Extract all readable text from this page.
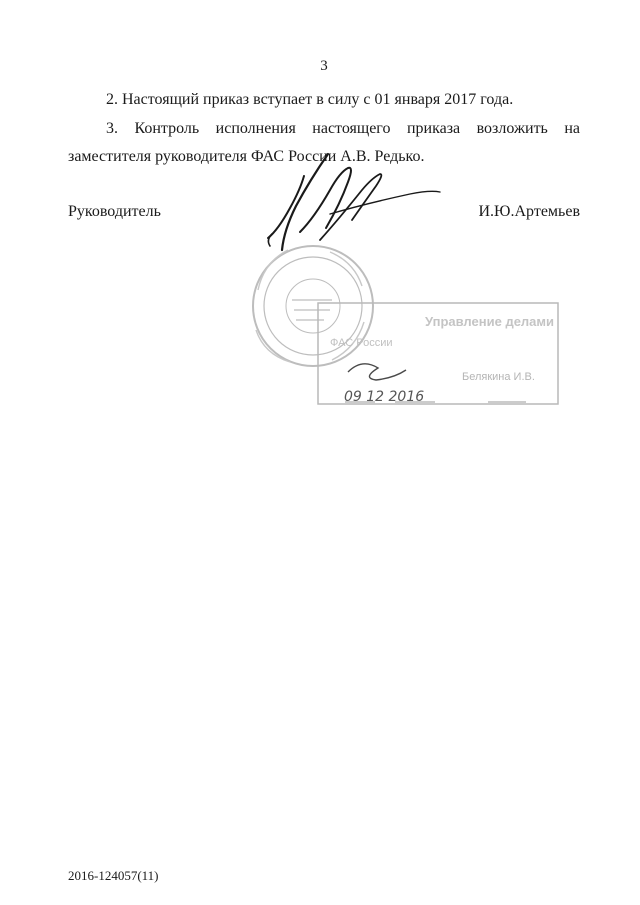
3

2. Настоящий приказ вступает в силу с 01 января 2017 года.

3. Контроль исполнения настоящего приказа возложить на заместителя руководителя ФАС России А.В. Редько.

Руководитель	И.Ю.Артемьев
Управление делами
ФАС России
Белякина И.В.
09 12 2016
2016-124057(11)
